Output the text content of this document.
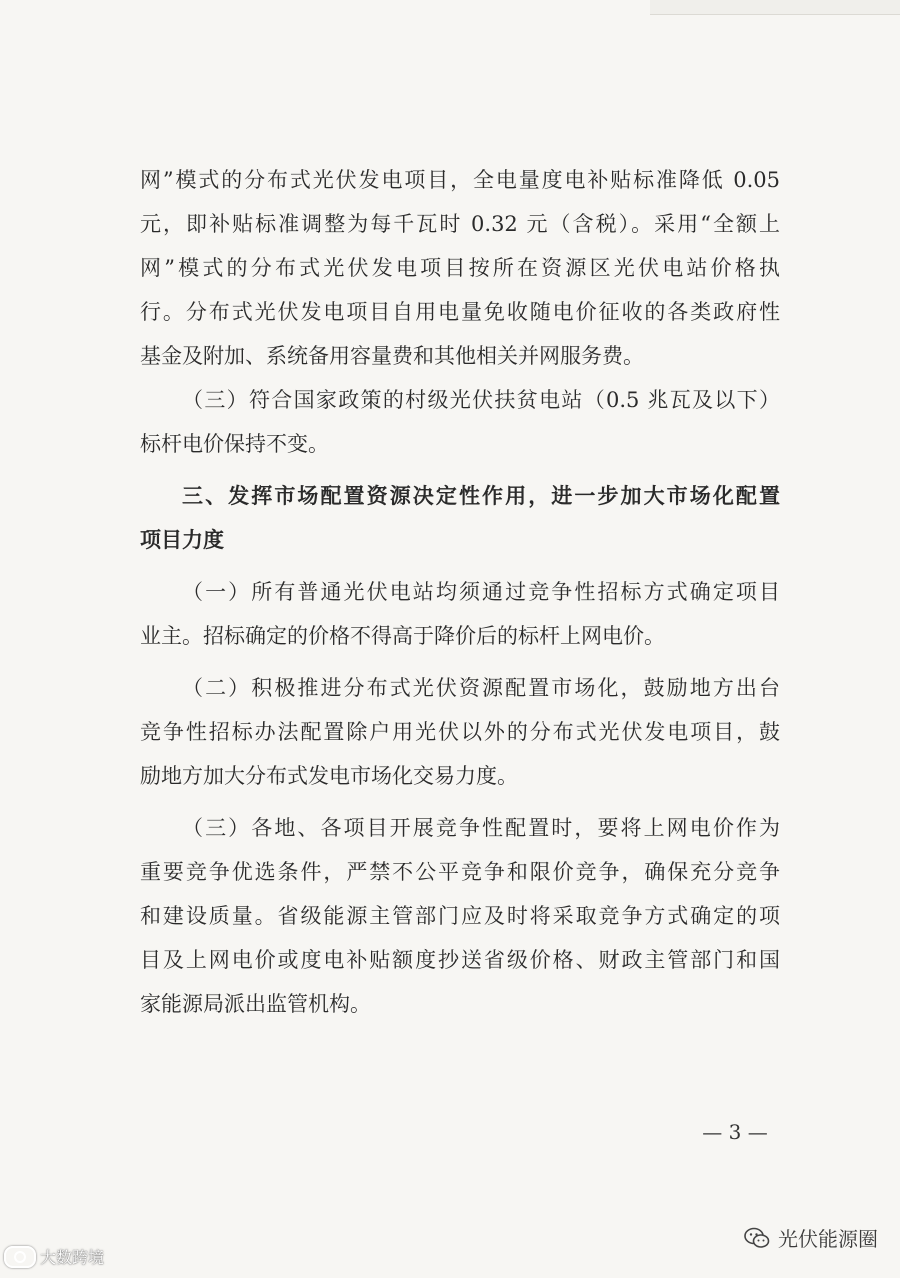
网”模式的分布式光伏发电项目，全电量度电补贴标准降低 0.05
元，即补贴标准调整为每千瓦时 0.32 元（含税）。采用“全额上
网”模式的分布式光伏发电项目按所在资源区光伏电站价格执
行。分布式光伏发电项目自用电量免收随电价征收的各类政府性
基金及附加、系统备用容量费和其他相关并网服务费。
（三）符合国家政策的村级光伏扶贫电站（0.5 兆瓦及以下）
标杆电价保持不变。
三、发挥市场配置资源决定性作用，进一步加大市场化配置
项目力度
（一）所有普通光伏电站均须通过竞争性招标方式确定项目
业主。招标确定的价格不得高于降价后的标杆上网电价。
（二）积极推进分布式光伏资源配置市场化，鼓励地方出台
竞争性招标办法配置除户用光伏以外的分布式光伏发电项目，鼓
励地方加大分布式发电市场化交易力度。
（三）各地、各项目开展竞争性配置时，要将上网电价作为
重要竞争优选条件，严禁不公平竞争和限价竞争，确保充分竞争
和建设质量。省级能源主管部门应及时将采取竞争方式确定的项
目及上网电价或度电补贴额度抄送省级价格、财政主管部门和国
家能源局派出监管机构。
— 3 —
大数跨境
光伏能源圈
